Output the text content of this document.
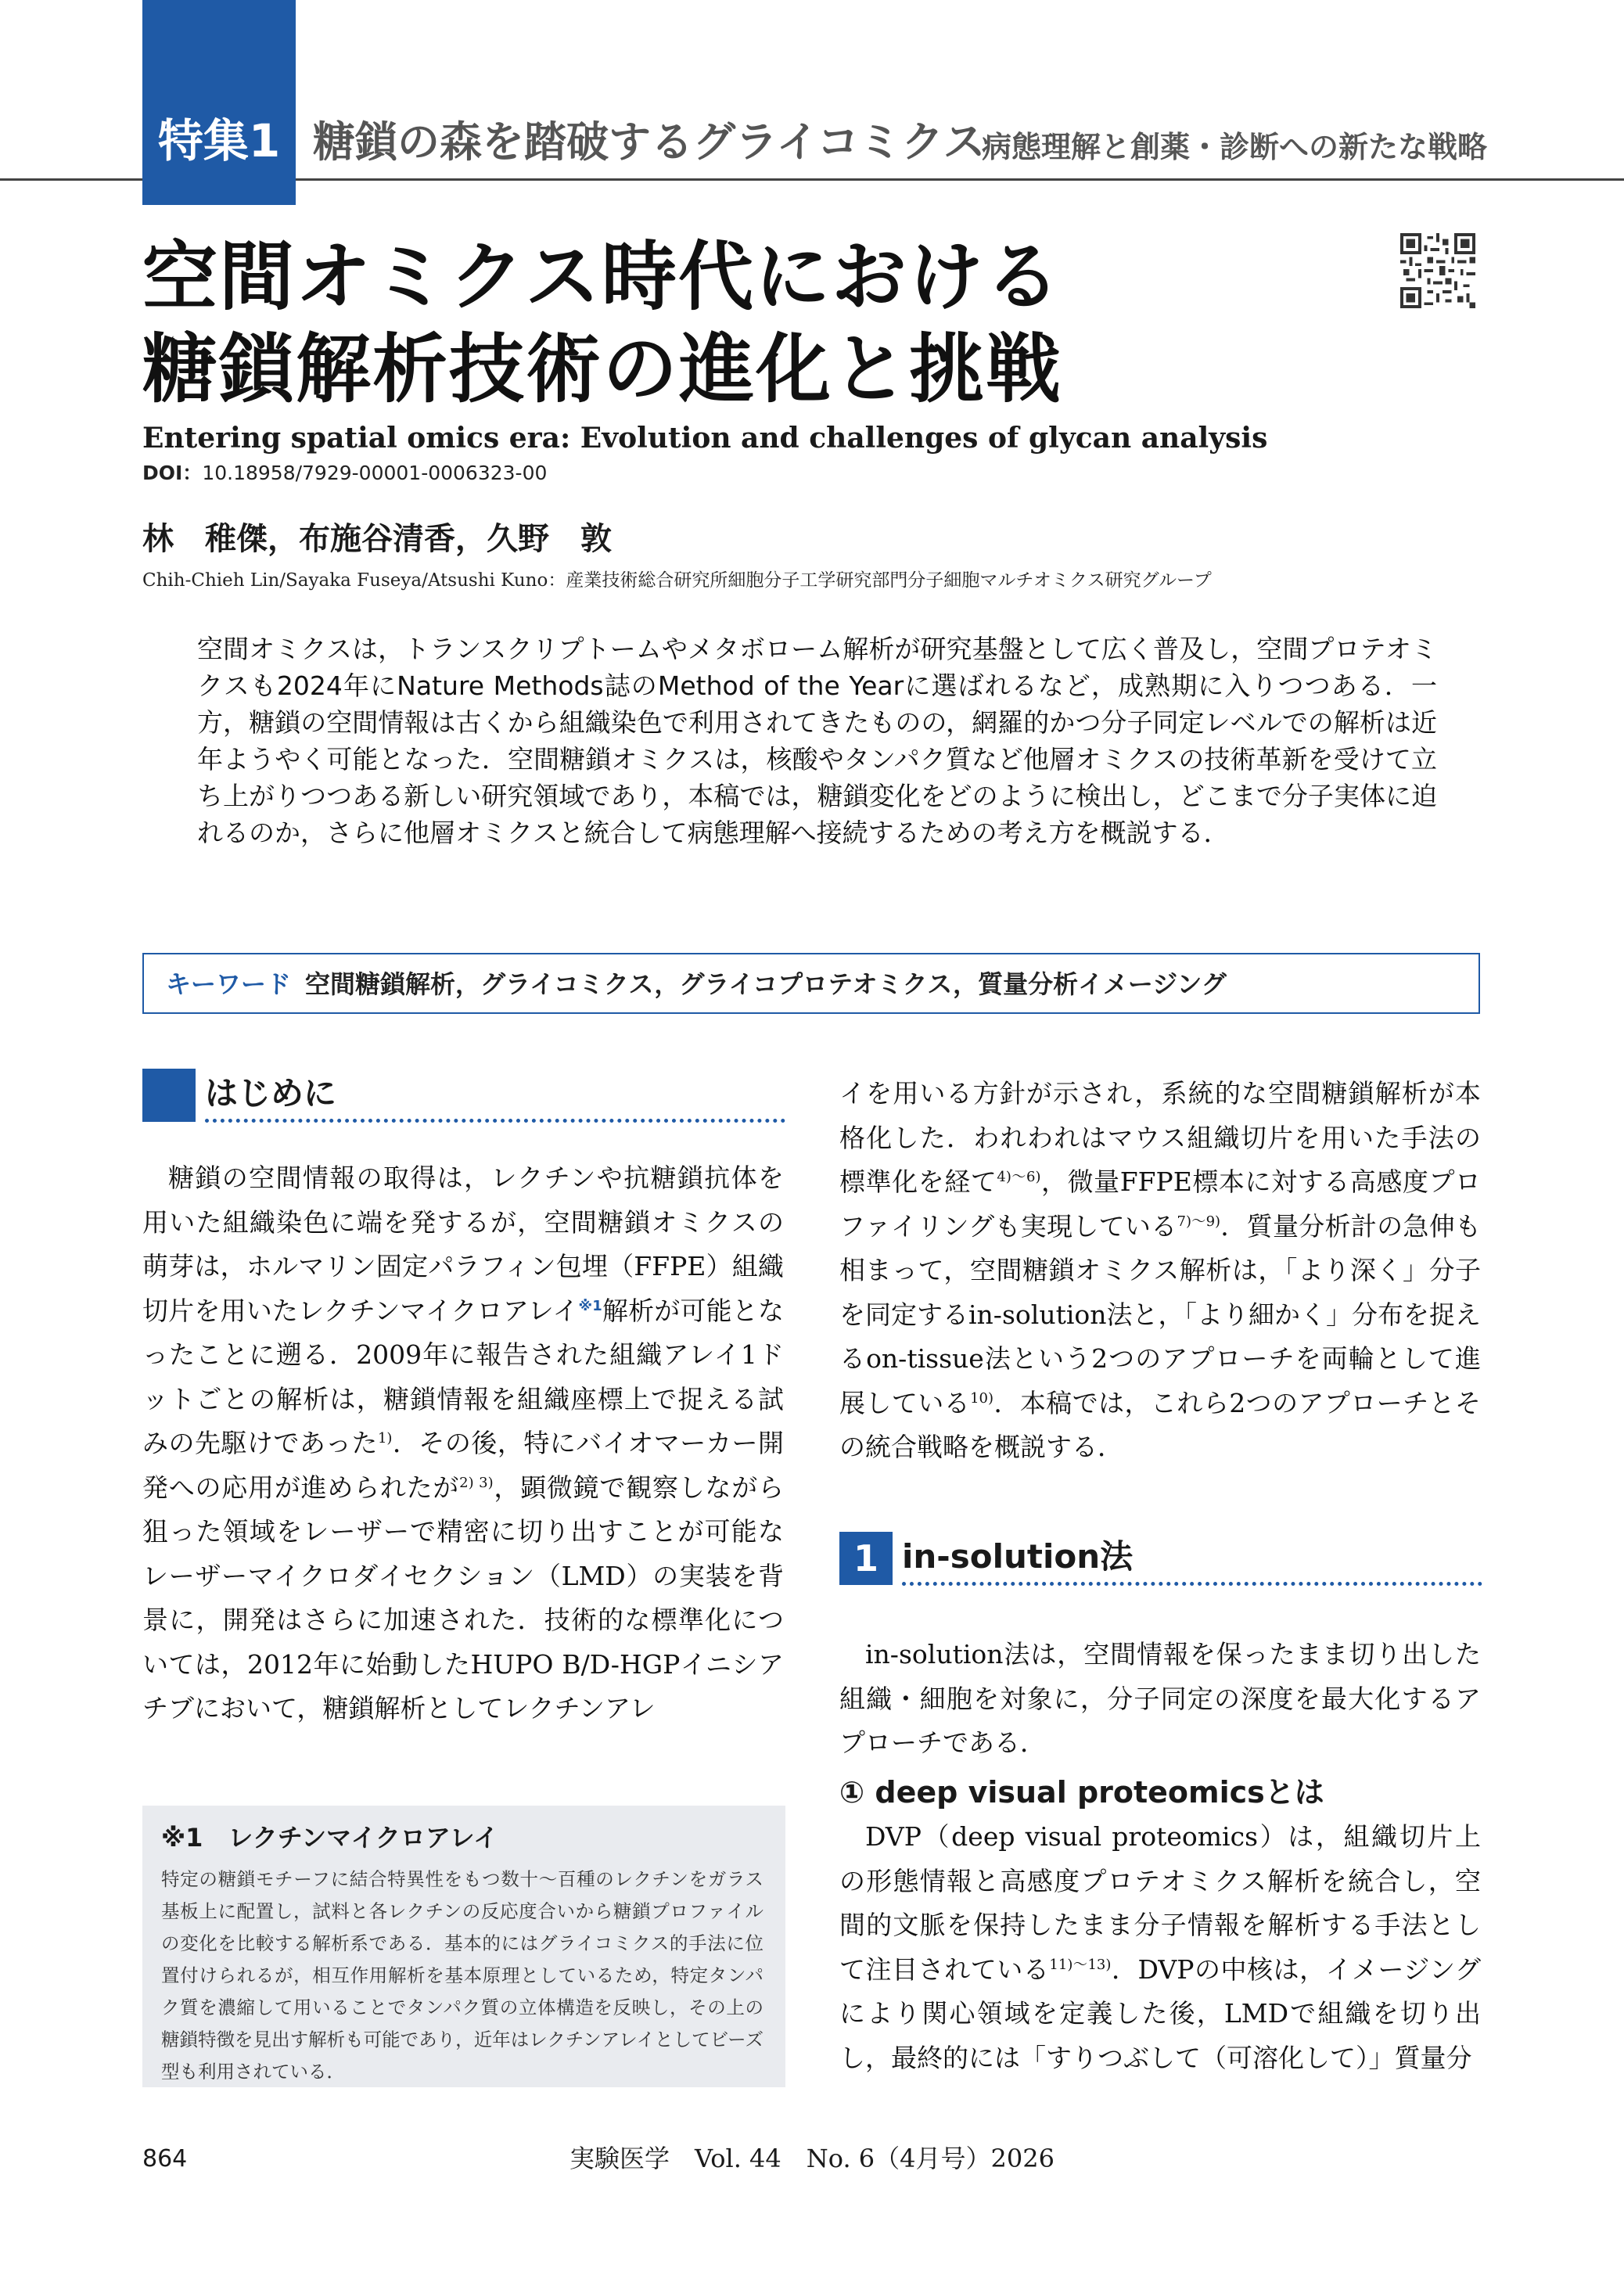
特集1 糖鎖の森を踏破するグライコミクス
病態理解と創薬・診断への新たな戦略
空間オミクス時代における
糖鎖解析技術の進化と挑戦
Entering spatial omics era: Evolution and challenges of glycan analysis
DOI：10.18958/7929-00001-0006323-00
林　稚傑，布施谷清香，久野　敦
Chih-Chieh Lin/Sayaka Fuseya/Atsushi Kuno：産業技術総合研究所細胞分子工学研究部門分子細胞マルチオミクス研究グループ
空間オミクスは，トランスクリプトームやメタボローム解析が研究基盤として広く普及し，空間プロテオミクスも2024年にNature Methods誌のMethod of the Yearに選ばれるなど，成熟期に入りつつある．一方，糖鎖の空間情報は古くから組織染色で利用されてきたものの，網羅的かつ分子同定レベルでの解析は近年ようやく可能となった．空間糖鎖オミクスは，核酸やタンパク質など他層オミクスの技術革新を受けて立ち上がりつつある新しい研究領域であり，本稿では，糖鎖変化をどのように検出し，どこまで分子実体に迫れるのか，さらに他層オミクスと統合して病態理解へ接続するための考え方を概説する．
キーワード 空間糖鎖解析，グライコミクス，グライコプロテオミクス，質量分析イメージング
はじめに

糖鎖の空間情報の取得は，レクチンや抗糖鎖抗体を用いた組織染色に端を発するが，空間糖鎖オミクスの萌芽は，ホルマリン固定パラフィン包埋（FFPE）組織切片を用いたレクチンマイクロアレイ$^{※1}$解析が可能となったことに遡る．2009年に報告された組織アレイ1ドットごとの解析は，糖鎖情報を組織座標上で捉える試みの先駆けであった$^{1)}$．その後，特にバイオマーカー開発への応用が進められたが$^{2) 3)}$，顕微鏡で観察しながら狙った領域をレーザーで精密に切り出すことが可能なレーザーマイクロダイセクション（LMD）の実装を背景に，開発はさらに加速された．技術的な標準化については，2012年に始動したHUPO B/D-HGPイニシアチブにおいて，糖鎖解析としてレクチンアレ

※1　レクチンマイクロアレイ
特定の糖鎖モチーフに結合特異性をもつ数十～百種のレクチンをガラス基板上に配置し，試料と各レクチンの反応度合いから糖鎖プロファイルの変化を比較する解析系である．基本的にはグライコミクス的手法に位置付けられるが，相互作用解析を基本原理としているため，特定タンパク質を濃縮して用いることでタンパク質の立体構造を反映し，その上の糖鎖特徴を見出す解析も可能であり，近年はレクチンアレイとしてビーズ型も利用されている．

イを用いる方針が示され，系統的な空間糖鎖解析が本格化した．われわれはマウス組織切片を用いた手法の標準化を経て$^{4)\sim 6)}$，微量FFPE標本に対する高感度プロファイリングも実現している$^{7)\sim 9)}$．質量分析計の急伸も相まって，空間糖鎖オミクス解析は，「より深く」分子を同定するin-solution法と，「より細かく」分布を捉えるon-tissue法という2つのアプローチを両輪として進展している$^{10)}$．本稿では，これら2つのアプローチとその統合戦略を概説する．

1 in-solution法

in-solution法は，空間情報を保ったまま切り出した組織・細胞を対象に，分子同定の深度を最大化するアプローチである．

① deep visual proteomicsとは

DVP（deep visual proteomics）は，組織切片上の形態情報と高感度プロテオミクス解析を統合し，空間的文脈を保持したまま分子情報を解析する手法として注目されている$^{11)\sim 13)}$．DVPの中核は，イメージングにより関心領域を定義した後，LMDで組織を切り出し，最終的には「すりつぶして（可溶化して）」質量分

864	実験医学　Vol. 44　No. 6（4月号）2026
